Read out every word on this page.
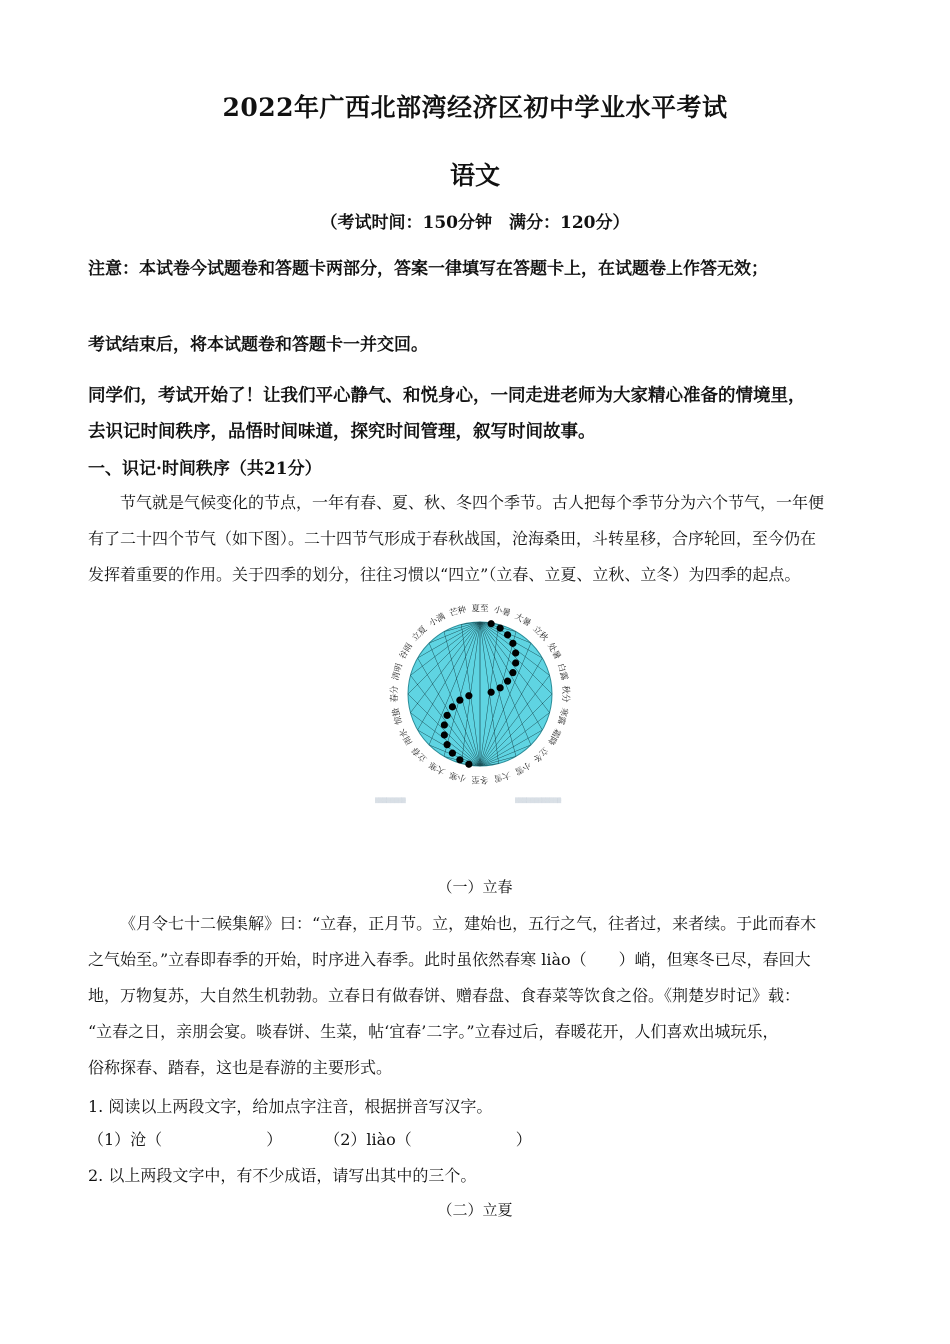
2022年广西北部湾经济区初中学业水平考试
语文
（考试时间：150分钟　满分：120分）
注意：本试卷今试题卷和答题卡两部分，答案一律填写在答题卡上，在试题卷上作答无效；
考试结束后，将本试题卷和答题卡一并交回。
同学们，考试开始了！让我们平心静气、和悦身心，一同走进老师为大家精心准备的情境里，
去识记时间秩序，品悟时间味道，探究时间管理，叙写时间故事。
一、识记·时间秩序（共21分）

节气就是气候变化的节点，一年有春、夏、秋、冬四个季节。古人把每个季节分为六个节气，一年便

有了二十四个节气（如下图）。二十四节气形成于春秋战国，沧海桑田，斗转星移，合序轮回，至今仍在

发挥着重要的作用。关于四季的划分，往往习惯以“四立”（立春、立夏、立秋、立冬）为四季的起点。

夏至 小暑 大暑
立秋
处暑
白露
秋分
寒露
霜降
立冬
小雪
大雪
冬至
小寒
大寒
立春
雨水
惊蛰
春分
清明
谷雨
立夏
小满 芒种
▒▒▒▒▒▒▒▒	▒▒▒▒▒▒▒▒▒▒▒▒
（一）立春

《月令七十二候集解》曰：“立春，正月节。立，建始也，五行之气，往者过，来者续。于此而春木

之气始至。”立春即春季的开始，时序进入春季。此时虽依然春寒 liào（　　）峭，但寒冬已尽，春回大

地，万物复苏，大自然生机勃勃。立春日有做春饼、赠春盘、食春菜等饮食之俗。《荆楚岁时记》载：

“立春之日，亲朋会宴。啖春饼、生菜，帖‘宜春’二字。”立春过后，春暖花开，人们喜欢出城玩乐，

俗称探春、踏春，这也是春游的主要形式。

1. 阅读以上两段文字，给加点字注音，根据拼音写汉字。
（1）沧（	）	（2）liào（	）
2. 以上两段文字中，有不少成语，请写出其中的三个。
（二）立夏
